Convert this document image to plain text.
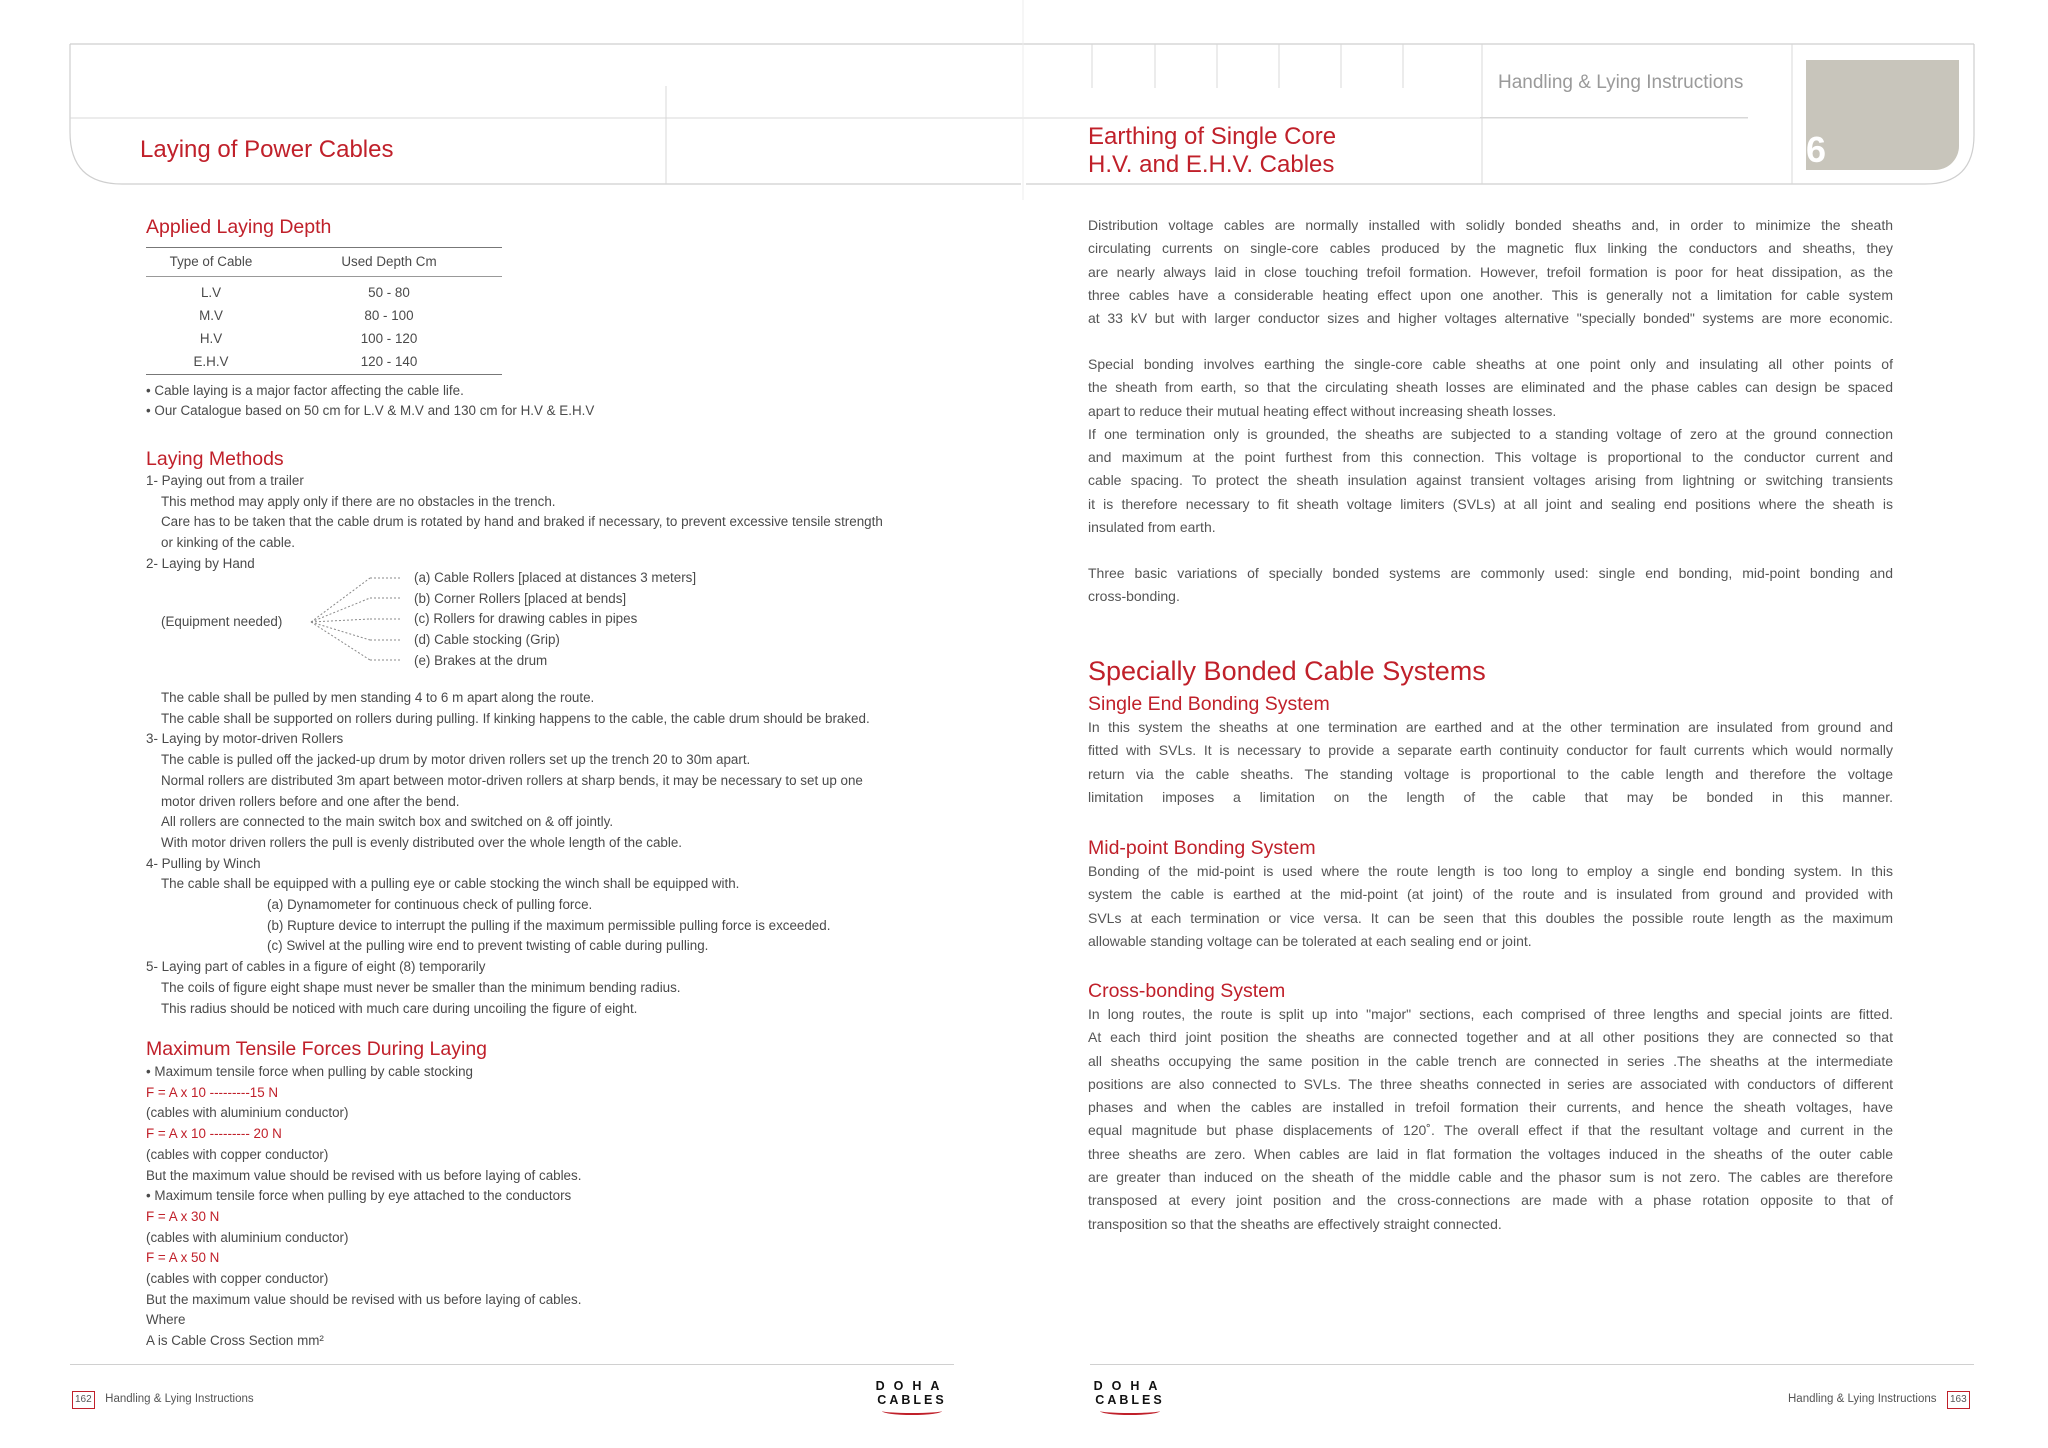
6
Laying of Power Cables	Earthing of Single Core
H.V. and E.H.V. Cables
Handling & Lying Instructions

Applied Laying Depth

Type of Cable	Used Depth Cm

L.V	50 - 80
M.V	80 - 100
H.V	100 - 120
E.H.V	120 - 140

• Cable laying is a major factor affecting the cable life.

• Our Catalogue based on 50 cm for L.V & M.V and 130 cm for H.V & E.H.V

Laying Methods

1- Paying out from a trailer

This method may apply only if there are no obstacles in the trench.

Care has to be taken that the cable drum is rotated by hand and braked if necessary, to prevent excessive tensile strength

or kinking of the cable.

2- Laying by Hand

(Equipment needed)

(a) Cable Rollers [placed at distances 3 meters]

(b) Corner Rollers [placed at bends]

(c) Rollers for drawing cables in pipes

(d) Cable stocking (Grip)

(e) Brakes at the drum

The cable shall be pulled by men standing 4 to 6 m apart along the route.

The cable shall be supported on rollers during pulling. If kinking happens to the cable, the cable drum should be braked.

3- Laying by motor-driven Rollers

The cable is pulled off the jacked-up drum by motor driven rollers set up the trench 20 to 30m apart.

Normal rollers are distributed 3m apart between motor-driven rollers at sharp bends, it may be necessary to set up one

motor driven rollers before and one after the bend.

All rollers are connected to the main switch box and switched on & off jointly.

With motor driven rollers the pull is evenly distributed over the whole length of the cable.

4- Pulling by Winch

The cable shall be equipped with a pulling eye or cable stocking the winch shall be equipped with.

(a) Dynamometer for continuous check of pulling force.

(b) Rupture device to interrupt the pulling if the maximum permissible pulling force is exceeded.

(c) Swivel at the pulling wire end to prevent twisting of cable during pulling.

5- Laying part of cables in a figure of eight (8) temporarily

The coils of figure eight shape must never be smaller than the minimum bending radius.

This radius should be noticed with much care during uncoiling the figure of eight.

Maximum Tensile Forces During Laying

• Maximum tensile force when pulling by cable stocking

F = A x 10 ---------15 N

(cables with aluminium conductor)

F = A x 10 --------- 20 N

(cables with copper conductor)

But the maximum value should be revised with us before laying of cables.

• Maximum tensile force when pulling by eye attached to the conductors

F = A x 30 N

(cables with aluminium conductor)

F = A x 50 N

(cables with copper conductor)

But the maximum value should be revised with us before laying of cables.

Where

A is Cable Cross Section mm²

Distribution voltage cables are normally installed with solidly bonded sheaths and, in order to minimize the sheath

circulating currents on single-core cables produced by the magnetic flux linking the conductors and sheaths, they

are nearly always laid in close touching trefoil formation. However, trefoil formation is poor for heat dissipation, as the

three cables have a considerable heating effect upon one another. This is generally not a limitation for cable system

at 33 kV but with larger conductor sizes and higher voltages alternative "specially bonded" systems are more economic.

Special bonding involves earthing the single-core cable sheaths at one point only and insulating all other points of

the sheath from earth, so that the circulating sheath losses are eliminated and the phase cables can design be spaced

apart to reduce their mutual heating effect without increasing sheath losses.

If one termination only is grounded, the sheaths are subjected to a standing voltage of zero at the ground connection

and maximum at the point furthest from this connection. This voltage is proportional to the conductor current and

cable spacing. To protect the sheath insulation against transient voltages arising from lightning or switching transients

it is therefore necessary to fit sheath voltage limiters (SVLs) at all joint and sealing end positions where the sheath is

insulated from earth.

Three basic variations of specially bonded systems are commonly used: single end bonding, mid-point bonding and

cross-bonding.

Specially Bonded Cable Systems

Single End Bonding System

In this system the sheaths at one termination are earthed and at the other termination are insulated from ground and

fitted with SVLs. It is necessary to provide a separate earth continuity conductor for fault currents which would normally

return via the cable sheaths. The standing voltage is proportional to the cable length and therefore the voltage

limitation imposes a limitation on the length of the cable that may be bonded in this manner.

Mid-point Bonding System

Bonding of the mid-point is used where the route length is too long to employ a single end bonding system. In this

system the cable is earthed at the mid-point (at joint) of the route and is insulated from ground and provided with

SVLs at each termination or vice versa. It can be seen that this doubles the possible route length as the maximum

allowable standing voltage can be tolerated at each sealing end or joint.

Cross-bonding System

In long routes, the route is split up into "major" sections, each comprised of three lengths and special joints are fitted.

At each third joint position the sheaths are connected together and at all other positions they are connected so that

all sheaths occupying the same position in the cable trench are connected in series .The sheaths at the intermediate

positions are also connected to SVLs. The three sheaths connected in series are associated with conductors of different

phases and when the cables are installed in trefoil formation their currents, and hence the sheath voltages, have

equal magnitude but phase displacements of 120˚. The overall effect if that the resultant voltage and current in the

three sheaths are zero. When cables are laid in flat formation the voltages induced in the sheaths of the outer cable

are greater than induced on the sheath of the middle cable and the phasor sum is not zero. The cables are therefore

transposed at every joint position and the cross-connections are made with a phase rotation opposite to that of

transposition so that the sheaths are effectively straight connected.

162 Handling & Lying Instructions	Handling & Lying Instructions 163
DOHA
CABLES
DOHA
CABLES
